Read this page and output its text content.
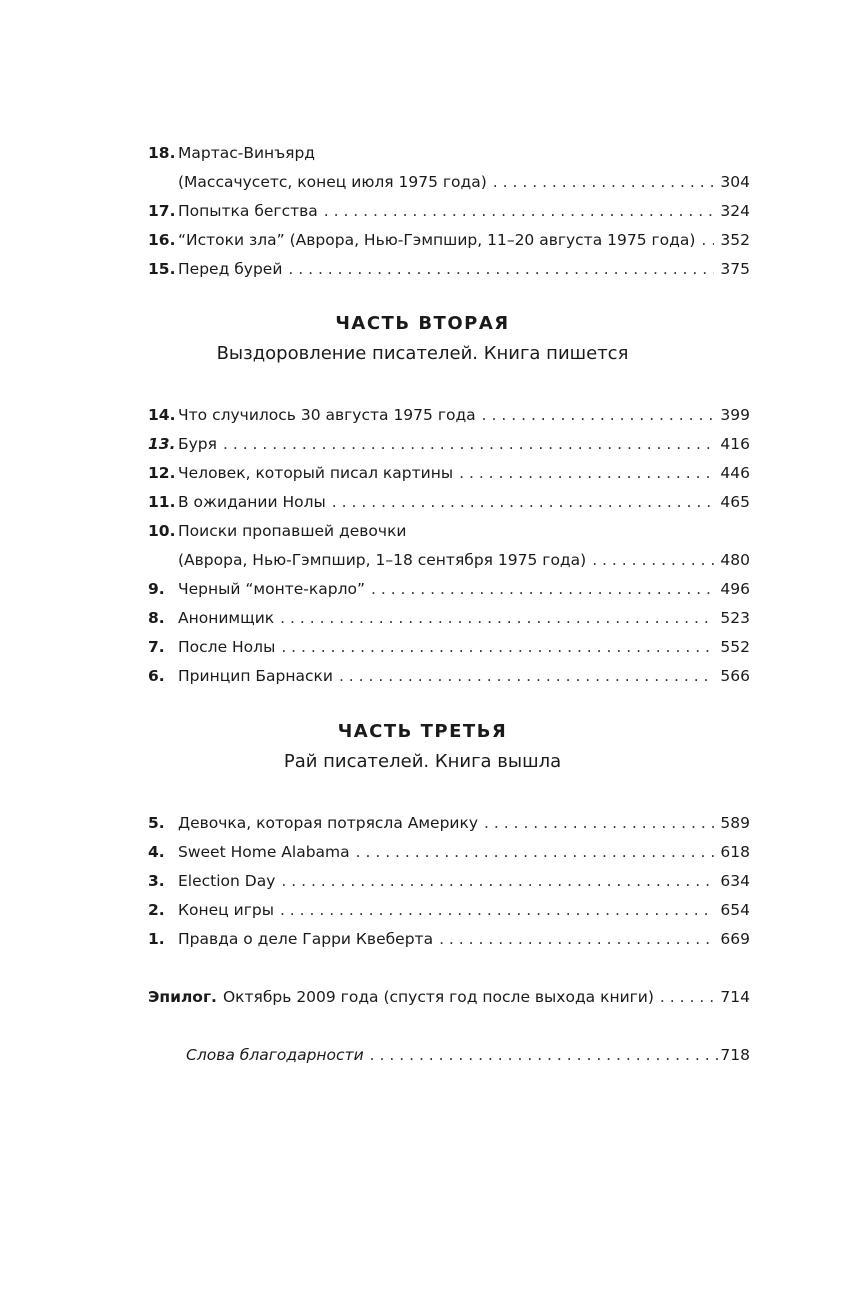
18. Мартас-Винъярд
(Массачусетс, конец июля 1975 года) . . .	304
17. Попытка бегства . . .	324
16. “Истоки зла” (Аврора, Нью-Гэмпшир, 11–20 августа 1975 года) . . . 352
15. Перед бурей . . .	375
ЧАСТЬ ВТОРАЯ
Выздоровление писателей. Книга пишется
14. Что случилось 30 августа 1975 года . . .	399
13. Буря . . .	416
12. Человек, который писал картины . . .	446
11. В ожидании Нолы . . .	465
10. Поиски пропавшей девочки
(Аврора, Нью-Гэмпшир, 1–18 сентября 1975 года) . . .	480
9. Черный “монте-карло” . . .	496
8. Анонимщик . . .	523
7. После Нолы . . .	552
6. Принцип Барнаски . . .	566
ЧАСТЬ ТРЕТЬЯ
Рай писателей. Книга вышла
5. Девочка, которая потрясла Америку . . .	589
4. Sweet Home Alabama . . .	618
3. Election Day . . .	634
2. Конец игры . . .	654
1. Правда о деле Гарри Квеберта . . .	669
Эпилог. Октябрь 2009 года (спустя год после выхода книги) . . .	714
Слова благодарности . . .	718
